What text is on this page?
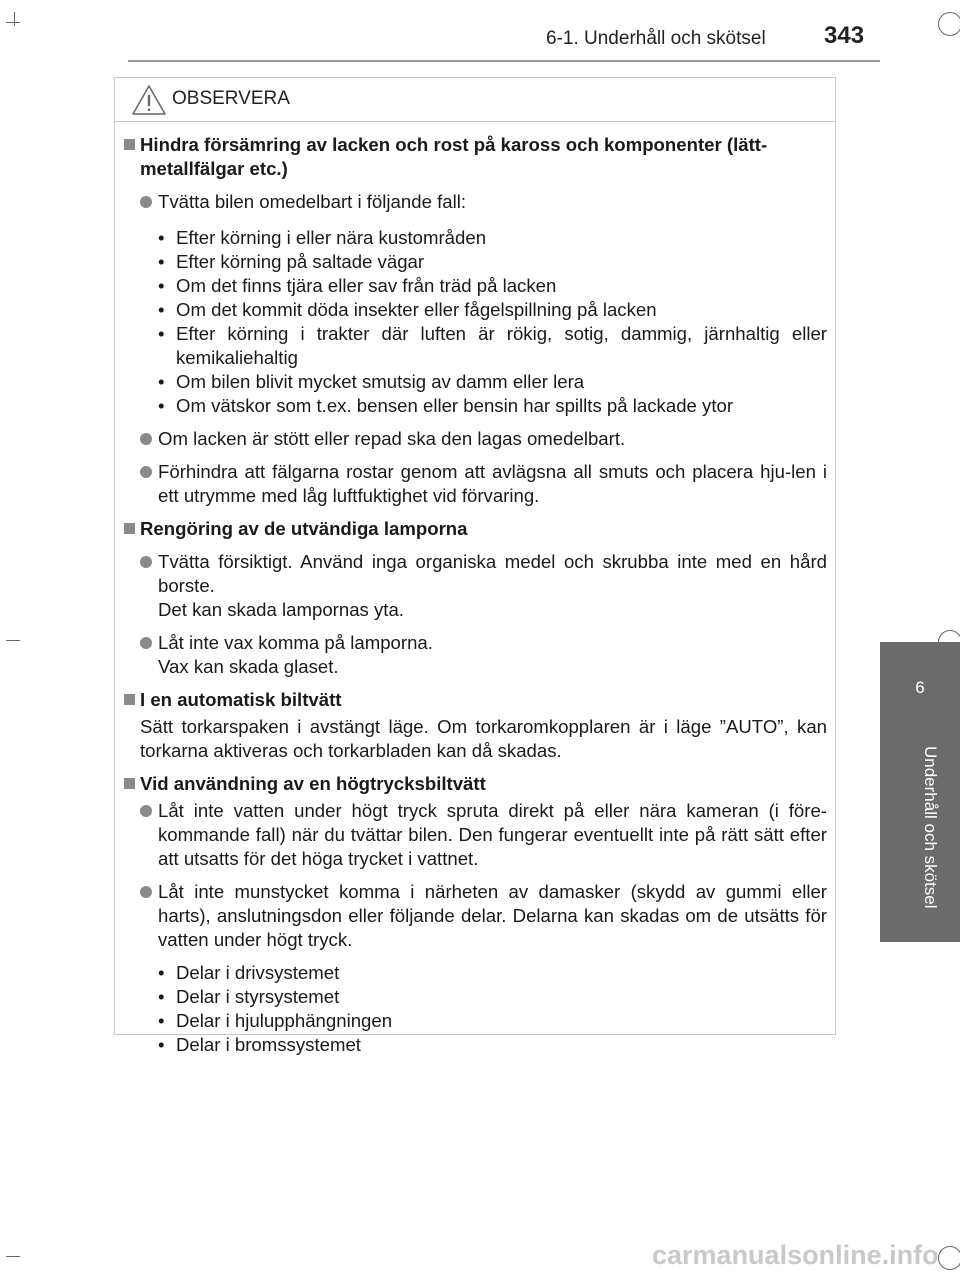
6-1. Underhåll och skötsel 343
6
Underhåll och skötsel
OBSERVERA
Hindra försämring av lacken och rost på kaross och komponenter (lätt-metallfälgar etc.)
Tvätta bilen omedelbart i följande fall:
• Efter körning i eller nära kustområden
• Efter körning på saltade vägar
• Om det finns tjära eller sav från träd på lacken
• Om det kommit döda insekter eller fågelspillning på lacken
• Efter körning i trakter där luften är rökig, sotig, dammig, järnhaltig eller kemikaliehaltig
• Om bilen blivit mycket smutsig av damm eller lera
• Om vätskor som t.ex. bensen eller bensin har spillts på lackade ytor
Om lacken är stött eller repad ska den lagas omedelbart.
Förhindra att fälgarna rostar genom att avlägsna all smuts och placera hju-len i ett utrymme med låg luftfuktighet vid förvaring.
Rengöring av de utvändiga lamporna
Tvätta försiktigt. Använd inga organiska medel och skrubba inte med en hård borste.
Det kan skada lampornas yta.
Låt inte vax komma på lamporna.
Vax kan skada glaset.
I en automatisk biltvätt
Sätt torkarspaken i avstängt läge. Om torkaromkopplaren är i läge ”AUTO”, kan torkarna aktiveras och torkarbladen kan då skadas.
Vid användning av en högtrycksbiltvätt
Låt inte vatten under högt tryck spruta direkt på eller nära kameran (i före-kommande fall) när du tvättar bilen. Den fungerar eventuellt inte på rätt sätt efter att utsatts för det höga trycket i vattnet.
Låt inte munstycket komma i närheten av damasker (skydd av gummi eller harts), anslutningsdon eller följande delar. Delarna kan skadas om de utsätts för vatten under högt tryck.
• Delar i drivsystemet
• Delar i styrsystemet
• Delar i hjulupphängningen
• Delar i bromssystemet
carmanualsonline.info
